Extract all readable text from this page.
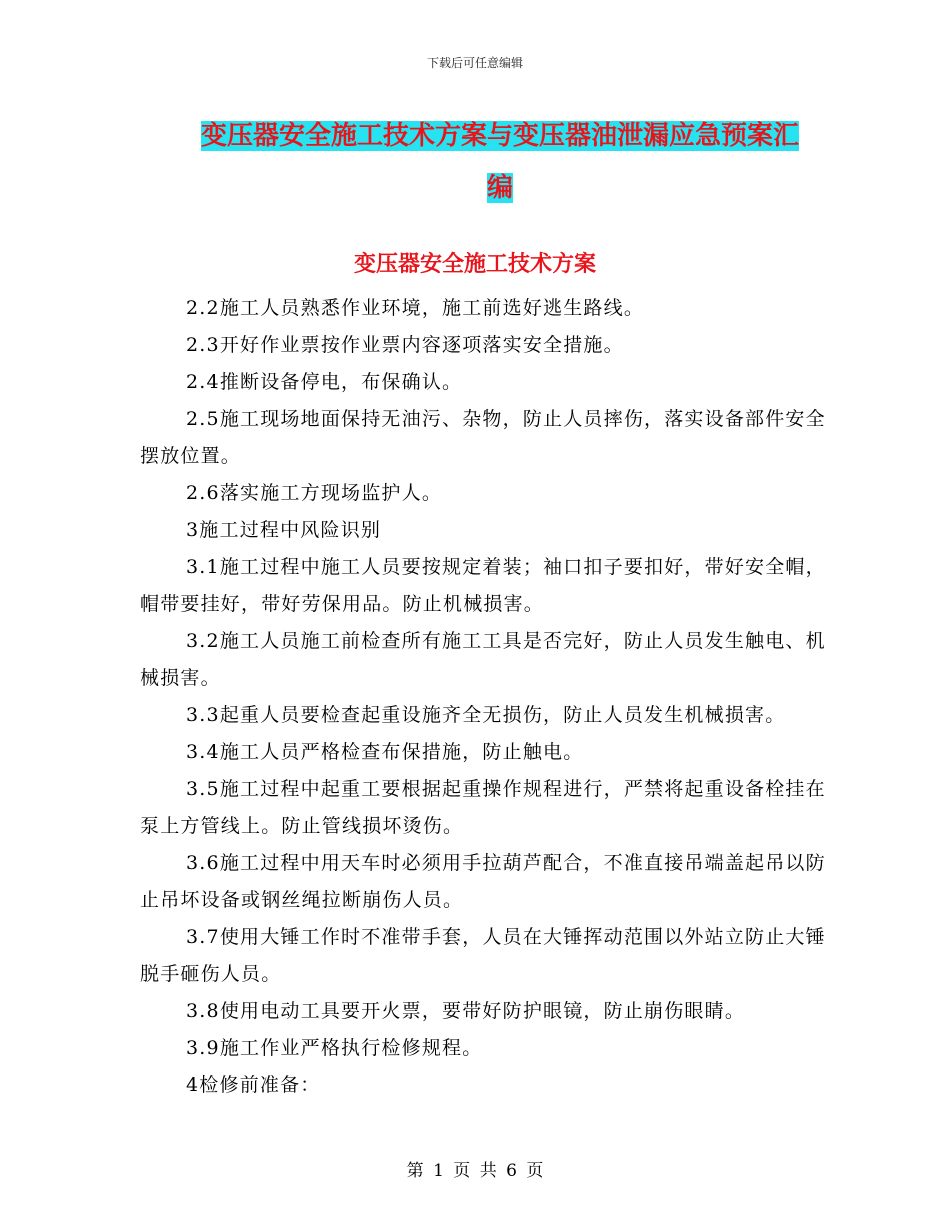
下载后可任意编辑
变压器安全施工技术方案与变压器油泄漏应急预案汇
编
变压器安全施工技术方案

2.2施工人员熟悉作业环境，施工前选好逃生路线。

2.3开好作业票按作业票内容逐项落实安全措施。

2.4推断设备停电，布保确认。

2.5施工现场地面保持无油污、杂物，防止人员摔伤，落实设备部件安全摆放位置。

2.6落实施工方现场监护人。

3施工过程中风险识别

3.1施工过程中施工人员要按规定着装；袖口扣子要扣好，带好安全帽，帽带要挂好，带好劳保用品。防止机械损害。

3.2施工人员施工前检查所有施工工具是否完好，防止人员发生触电、机械损害。

3.3起重人员要检查起重设施齐全无损伤，防止人员发生机械损害。

3.4施工人员严格检查布保措施，防止触电。

3.5施工过程中起重工要根据起重操作规程进行，严禁将起重设备栓挂在泵上方管线上。防止管线损坏烫伤。

3.6施工过程中用天车时必须用手拉葫芦配合，不准直接吊端盖起吊以防止吊坏设备或钢丝绳拉断崩伤人员。

3.7使用大锤工作时不准带手套，人员在大锤挥动范围以外站立防止大锤脱手砸伤人员。

3.8使用电动工具要开火票，要带好防护眼镜，防止崩伤眼睛。

3.9施工作业严格执行检修规程。

4检修前准备：

第 1 页 共 6 页
